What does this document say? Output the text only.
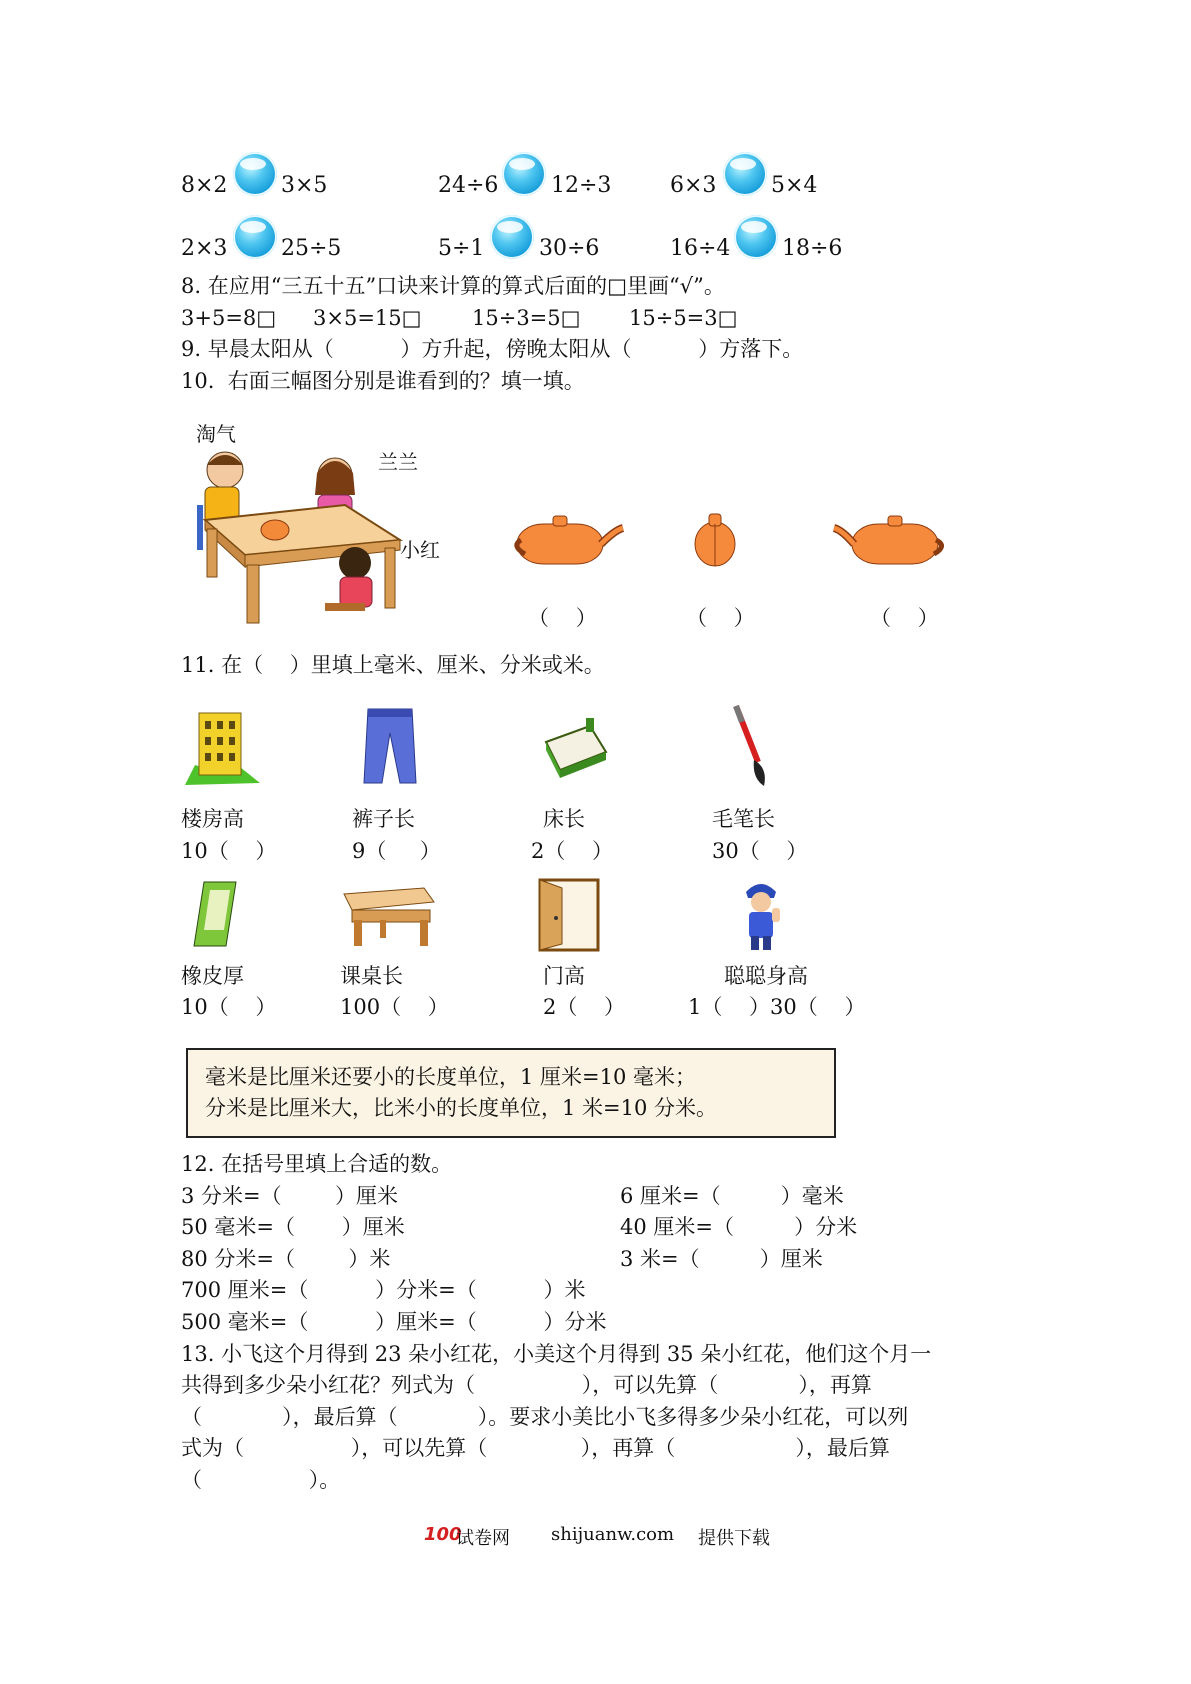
8×2 3×5	24÷6 12÷3	6×3 5×4
2×3 25÷5	5÷1 30÷6	16÷4 18÷6
8. 在应用“三五十五”口诀来计算的算式后面的□里画“√”。
3+5=8□ 3×5=15□ 15÷3=5□ 15÷5=3□
9. 早晨太阳从（          ）方升起，傍晚太阳从（          ）方落下。
10.  右面三幅图分别是谁看到的？填一填。
淘气
兰兰
小红
（    ）	（    ）	（    ）
11. 在（    ）里填上毫米、厘米、分米或米。
楼房高	裤子长	床长	毛笔长
10（    ）	9（     ）	2（    ）	30（    ）
橡皮厚	课桌长	门高	聪聪身高
10（    ）	100（    ）	2（    ）	1（    ）30（    ）
毫米是比厘米还要小的长度单位，1 厘米=10 毫米；
分米是比厘米大，比米小的长度单位，1 米=10 分米。
12. 在括号里填上合适的数。
3 分米=（        ）厘米	6 厘米=（         ）毫米
50 毫米=（       ）厘米	40 厘米=（         ）分米
80 分米=（        ）米	3 米=（         ）厘米
700 厘米=（          ）分米=（          ）米
500 毫米=（          ）厘米=（          ）分米
13. 小飞这个月得到 23 朵小红花，小美这个月得到 35 朵小红花，他们这个月一
共得到多少朵小红花？列式为（                ），可以先算（            ），再算
（            ），最后算（            ）。要求小美比小飞多得多少朵小红花，可以列
式为（                ），可以先算（              ），再算（                  ），最后算
（                ）。
100
试卷网 shijuanw.com 提供下载
